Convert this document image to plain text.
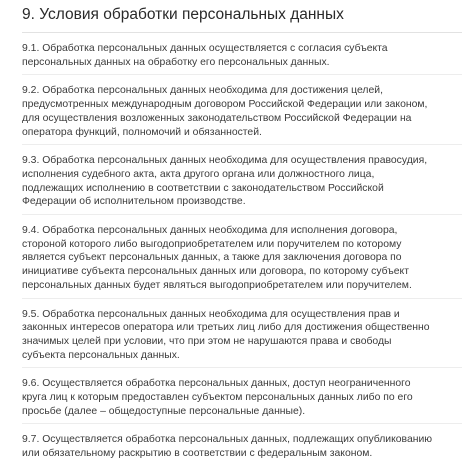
9. Условия обработки персональных данных
9.1. Обработка персональных данных осуществляется с согласия субъекта
персональных данных на обработку его персональных данных.
9.2. Обработка персональных данных необходима для достижения целей,
предусмотренных международным договором Российской Федерации или законом,
для осуществления возложенных законодательством Российской Федерации на
оператора функций, полномочий и обязанностей.
9.3. Обработка персональных данных необходима для осуществления правосудия,
исполнения судебного акта, акта другого органа или должностного лица,
подлежащих исполнению в соответствии с законодательством Российской
Федерации об исполнительном производстве.
9.4. Обработка персональных данных необходима для исполнения договора,
стороной которого либо выгодоприобретателем или поручителем по которому
является субъект персональных данных, а также для заключения договора по
инициативе субъекта персональных данных или договора, по которому субъект
персональных данных будет являться выгодоприобретателем или поручителем.
9.5. Обработка персональных данных необходима для осуществления прав и
законных интересов оператора или третьих лиц либо для достижения общественно
значимых целей при условии, что при этом не нарушаются права и свободы
субъекта персональных данных.
9.6. Осуществляется обработка персональных данных, доступ неограниченного
круга лиц к которым предоставлен субъектом персональных данных либо по его
просьбе (далее – общедоступные персональные данные).
9.7. Осуществляется обработка персональных данных, подлежащих опубликованию
или обязательному раскрытию в соответствии с федеральным законом.
